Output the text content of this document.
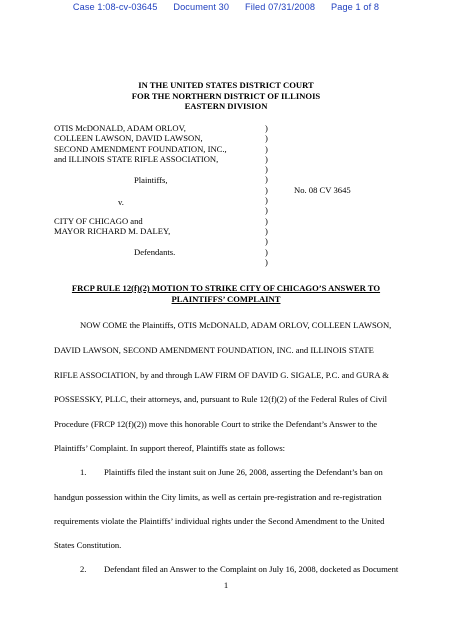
Case 1:08-cv-03645 Document 30 Filed 07/31/2008 Page 1 of 8
IN THE UNITED STATES DISTRICT COURT
FOR THE NORTHERN DISTRICT OF ILLINOIS
EASTERN DIVISION
OTIS McDONALD, ADAM ORLOV,
COLLEEN LAWSON, DAVID LAWSON,
SECOND AMENDMENT FOUNDATION, INC.,
and ILLINOIS STATE RIFLE ASSOCIATION,
Plaintiffs,
v.
CITY OF CHICAGO and
MAYOR RICHARD M. DALEY,
Defendants.
)
)
)
)
)
)
)
)
)
)
)
)
)
)
No. 08 CV 3645
FRCP RULE 12(f)(2) MOTION TO STRIKE CITY OF CHICAGO’S ANSWER TO
PLAINTIFFS’ COMPLAINT
NOW COME the Plaintiffs, OTIS McDONALD, ADAM ORLOV, COLLEEN LAWSON,
DAVID LAWSON, SECOND AMENDMENT FOUNDATION, INC. and ILLINOIS STATE
RIFLE ASSOCIATION, by and through LAW FIRM OF DAVID G. SIGALE, P.C. and GURA &
POSSESSKY, PLLC, their attorneys, and, pursuant to Rule 12(f)(2) of the Federal Rules of Civil
Procedure (FRCP 12(f)(2)) move this honorable Court to strike the Defendant’s Answer to the
Plaintiffs’ Complaint. In support thereof, Plaintiffs state as follows:
1. Plaintiffs filed the instant suit on June 26, 2008, asserting the Defendant’s ban on
handgun possession within the City limits, as well as certain pre-registration and re-registration
requirements violate the Plaintiffs’ individual rights under the Second Amendment to the United
States Constitution.
2. Defendant filed an Answer to the Complaint on July 16, 2008, docketed as Document
1
